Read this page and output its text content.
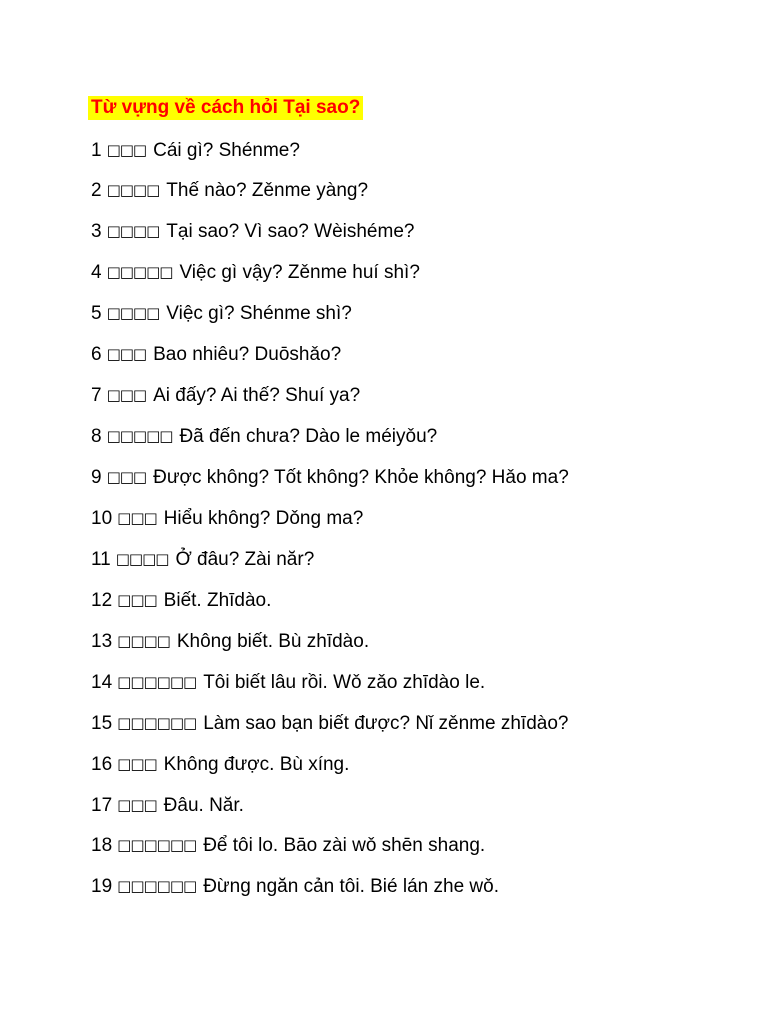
Từ vựng về cách hỏi Tại sao?
1 □□□ Cái gì? Shénme?
2 □□□□ Thế nào? Zěnme yàng?
3 □□□□ Tại sao? Vì sao? Wèishéme?
4 □□□□□ Việc gì vậy? Zěnme huí shì?
5 □□□□ Việc gì? Shénme shì?
6 □□□ Bao nhiêu? Duōshǎo?
7 □□□ Ai đấy? Ai thế? Shuí ya?
8 □□□□□ Đã đến chưa? Dào le méiyǒu?
9 □□□ Được không? Tốt không? Khỏe không? Hǎo ma?
10 □□□ Hiểu không? Dǒng ma?
11 □□□□ Ở đâu? Zài năr?
12 □□□ Biết. Zhīdào.
13 □□□□ Không biết. Bù zhīdào.
14 □□□□□□ Tôi biết lâu rồi. Wǒ zǎo zhīdào le.
15 □□□□□□ Làm sao bạn biết được? Nǐ zěnme zhīdào?
16 □□□ Không được. Bù xíng.
17 □□□ Đâu. Năr.
18 □□□□□□ Để tôi lo. Bāo zài wǒ shēn shang.
19 □□□□□□ Đừng ngăn cản tôi. Bié lán zhe wǒ.
